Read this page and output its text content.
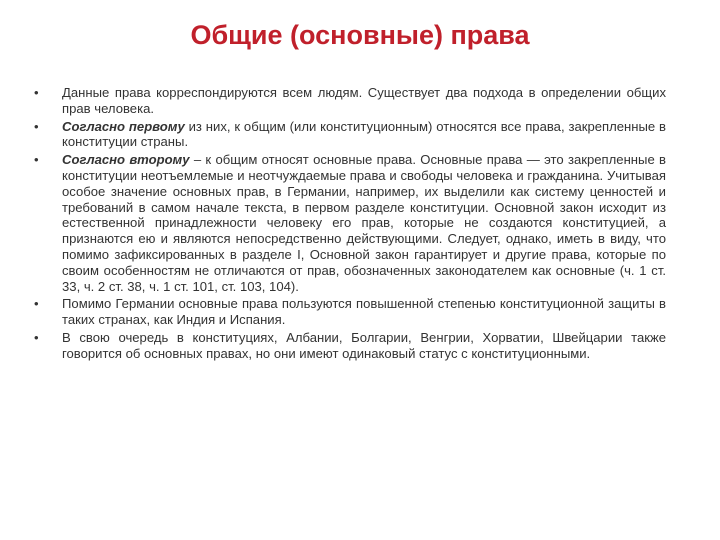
Общие (основные) права
•	Данные права корреспондируются всем людям. Существует два подхода в определении общих прав человека.
•	Согласно первому из них, к общим (или конституционным) относятся все права, закрепленные в конституции страны.
•	Согласно второму – к общим относят основные права. Основные права — это закрепленные в конституции неотъемлемые и неотчуждаемые права и свободы человека и гражданина. Учитывая особое значение основных прав, в Германии, например, их выделили как систему ценностей и требований в самом начале текста, в первом разделе конституции. Основной закон исходит из естественной принадлежности человеку его прав, которые не создаются конституцией, а признаются ею и являются непосредственно действующими. Следует, однако, иметь в виду, что помимо зафиксированных в разделе I, Основной закон гарантирует и другие права, которые по своим особенностям не отличаются от прав, обозначенных законодателем как основные (ч. 1 ст. 33, ч. 2 ст. 38, ч. 1 ст. 101, ст. 103, 104).
•	Помимо Германии основные права пользуются повышенной степенью конституционной защиты в таких странах, как Индия и Испания.
•	В свою очередь в конституциях, Албании, Болгарии, Венгрии, Хорватии, Швейцарии также говорится об основных правах, но они имеют одинаковый статус с конституционными.
